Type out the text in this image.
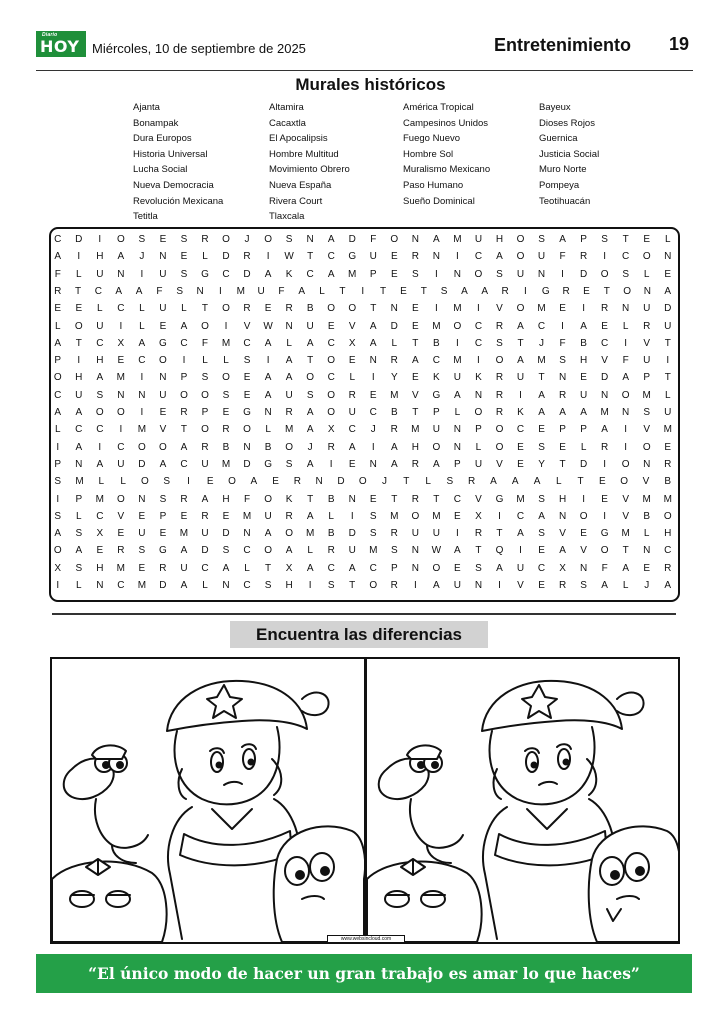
Diario
HOY Miércoles, 10 de septiembre de 2025	Entretenimiento 19
Murales históricos
Ajanta
Bonampak
Dura Europos
Historia Universal
Lucha Social
Nueva Democracia
Revolución Mexicana
Tetitla
Altamira
Cacaxtla
El Apocalipsis
Hombre Multitud
Movimiento Obrero
Nueva España
Rivera Court
Tlaxcala
América Tropical
Campesinos Unidos
Fuego Nuevo
Hombre Sol
Muralismo Mexicano
Paso Humano
Sueño Dominical
Bayeux
Dioses Rojos
Guernica
Justicia Social
Muro Norte
Pompeya
Teotihuacán
C	D	I	O	S	E	S	R	O	J	O	S	N	A	D	F	O	N	A	M	U	H	O	S	A	P	S	T	E	L
A	I	H	A	J	N	E	L	D	R	I	W	T	C	G	U	E	R	N	I	C	A	O	U	F	R	I	C	O	N
F	L	U	N	I	U	S	G	C	D	A	K	C	A	M	P	E	S	I	N	O	S	U	N	I	D	O	S	L	E
R	T	C	A	A	F	S	N	I	M	U	F	A	L	T	I	T	E	T	S	A	A	R	I	G	R	E	T	O	N	A
E	E	L	C	L	U	L	T	O	R	E	R	B	O	O	T	N	E	I	M	I	V	O	M	E	I	R	N	U	D
L	O	U	I	L	E	A	O	I	V	W	N	U	E	V	A	D	E	M	O	C	R	A	C	I	A	E	L	R	U
A	T	C	X	A	G	C	F	M	C	A	L	A	C	X	A	L	T	B	I	C	S	T	J	F	B	C	I	V	T
P	I	H	E	C	O	I	L	L	S	I	A	T	O	E	N	R	A	C	M	I	O	A	M	S	H	V	F	U	I
O	H	A	M	I	N	P	S	O	E	A	A	O	C	L	I	Y	E	K	U	K	R	U	T	N	E	D	A	P	T
C	U	S	N	N	U	O	O	S	E	A	U	S	O	R	E	M	V	G	A	N	R	I	A	R	U	N	O	M	L
A	A	O	O	I	E	R	P	E	G	N	R	A	O	U	C	B	T	P	L	O	R	K	A	A	A	M	N	S	U
L	C	C	I	M	V	T	O	R	O	L	M	A	X	C	J	R	M	U	N	P	O	C	E	P	P	A	I	V	M
I	A	I	C	O	O	A	R	B	N	B	O	J	R	A	I	A	H	O	N	L	O	E	S	E	L	R	I	O	E
P	N	A	U	D	A	C	U	M	D	G	S	A	I	E	N	A	R	A	P	U	V	E	Y	T	D	I	O	N	R
S	M	L	L	O	S	I	E	O	A	E	R	N	D	O	J	T	L	S	R	A	A	A	L	T	E	O	V	B
I	P	M	O	N	S	R	A	H	F	O	K	T	B	N	E	T	R	T	C	V	G	M	S	H	I	E	V	M	M
S	L	C	V	E	P	E	R	E	M	U	R	A	L	I	S	M	O	M	E	X	I	C	A	N	O	I	V	B	O
A	S	X	E	U	E	M	U	D	N	A	O	M	B	D	S	R	U	U	I	R	T	A	S	V	E	G	M	L	H
O	A	E	R	S	G	A	D	S	C	O	A	L	R	U	M	S	N	W	A	T	Q	I	E	A	V	O	T	N	C
X	S	H	M	E	R	U	C	A	L	T	X	A	C	A	C	P	N	O	E	S	A	U	C	X	N	F	A	E	R
I	L	N	C	M	D	A	L	N	C	S	H	I	S	T	O	R	I	A	U	N	I	V	E	R	S	A	L	J	A
Encuentra las diferencias
www.websincloud.com
“El único modo de hacer un gran trabajo es amar lo que haces”
